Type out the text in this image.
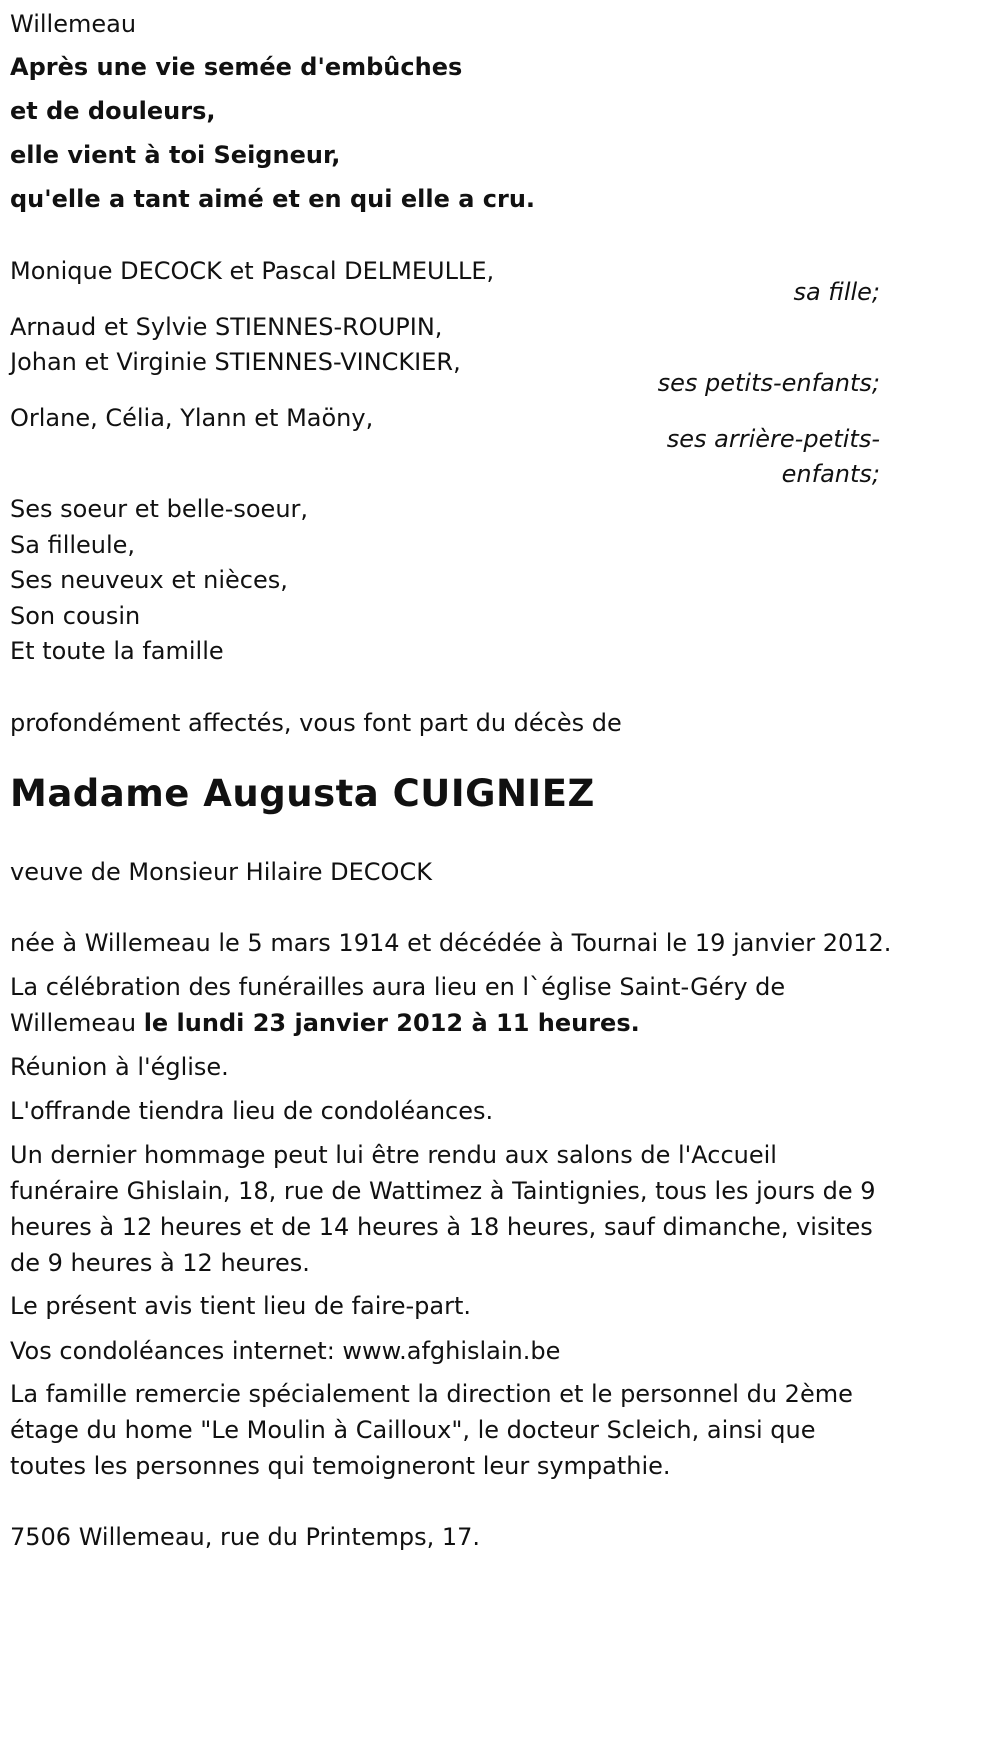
Willemeau
Après une vie semée d'embûches
et de douleurs,
elle vient à toi Seigneur,
qu'elle a tant aimé et en qui elle a cru.
Monique DECOCK et Pascal DELMEULLE,
sa fille;
Arnaud et Sylvie STIENNES-ROUPIN,
Johan et Virginie STIENNES-VINCKIER,
ses petits-enfants;
Orlane, Célia, Ylann et Maöny,
ses arrière-petits-
enfants;
Ses soeur et belle-soeur,
Sa filleule,
Ses neuveux et nièces,
Son cousin
Et toute la famille
profondément affectés, vous font part du décès de
Madame Augusta CUIGNIEZ
veuve de Monsieur Hilaire DECOCK
née à Willemeau le 5 mars 1914 et décédée à Tournai le 19 janvier 2012.
La célébration des funérailles aura lieu en l`église Saint-Géry de Willemeau le lundi 23 janvier 2012 à 11 heures.
Réunion à l'église.
L'offrande tiendra lieu de condoléances.
Un dernier hommage peut lui être rendu aux salons de l'Accueil funéraire Ghislain, 18, rue de Wattimez à Taintignies, tous les jours de 9 heures à 12 heures et de 14 heures à 18 heures, sauf dimanche, visites de 9 heures à 12 heures.
Le présent avis tient lieu de faire-part.
Vos condoléances internet: www.afghislain.be
La famille remercie spécialement la direction et le personnel du 2ème étage du home "Le Moulin à Cailloux", le docteur Scleich, ainsi que toutes les personnes qui temoigneront leur sympathie.
7506 Willemeau, rue du Printemps, 17.
